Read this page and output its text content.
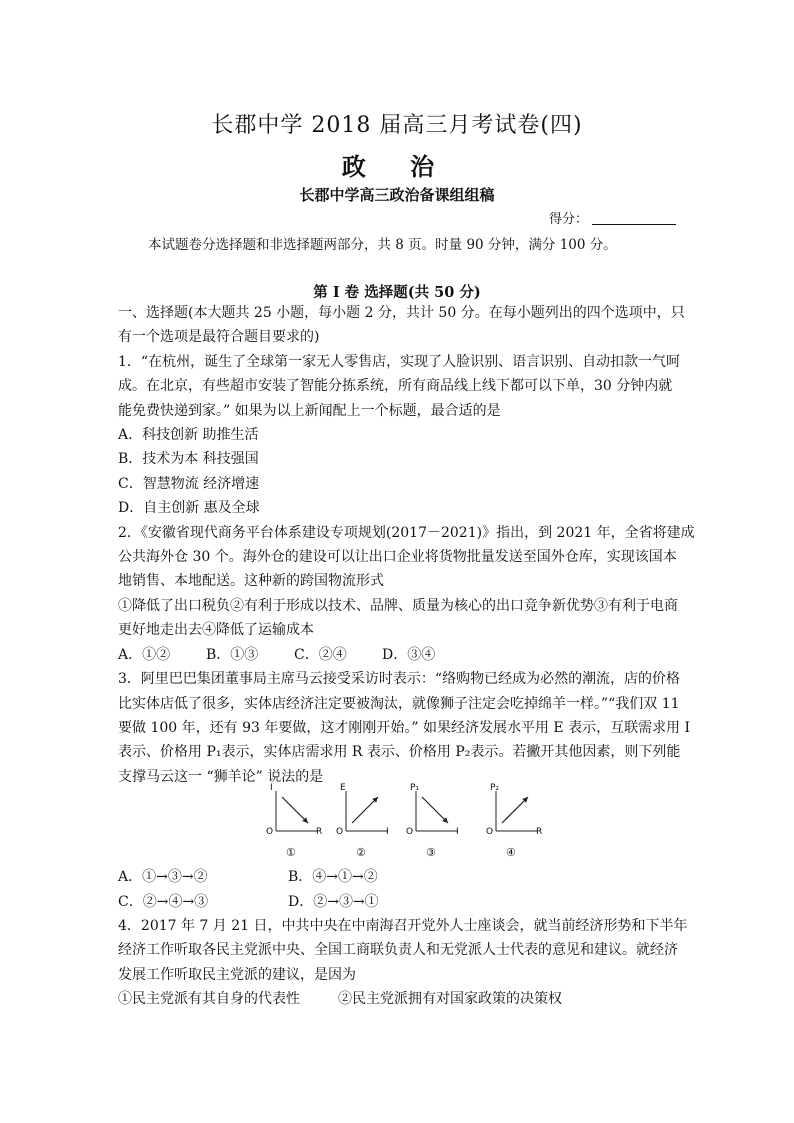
长郡中学 2018 届高三月考试卷(四)
政 治
长郡中学高三政治备课组组稿
得分：
本试题卷分选择题和非选择题两部分，共 8 页。时量 90 分钟，满分 100 分。
第 I 卷 选择题(共 50 分)

一、选择题(本大题共 25 小题，每小题 2 分，共计 50 分。在每小题列出的四个选项中，只

有一个选项是最符合题目要求的)

1．“在杭州，诞生了全球第一家无人零售店，实现了人脸识别、语言识别、自动扣款一气呵

成。在北京，有些超市安装了智能分拣系统，所有商品线上线下都可以下单，30 分钟内就

能免费快递到家。” 如果为以上新闻配上一个标题，最合适的是

A．科技创新 助推生活

B．技术为本 科技强国

C．智慧物流 经济增速

D．自主创新 惠及全球

2．《安徽省现代商务平台体系建设专项规划(2017－2021)》指出，到 2021 年，全省将建成

公共海外仓 30 个。海外仓的建设可以让出口企业将货物批量发送至国外仓库，实现该国本

地销售、本地配送。这种新的跨国物流形式

①降低了出口税负②有利于形成以技术、品牌、质量为核心的出口竞争新优势③有利于电商

更好地走出去④降低了运输成本

A．①②	B．①③	C．②④	D．③④

3．阿里巴巴集团董事局主席马云接受采访时表示：“络购物已经成为必然的潮流，店的价格

比实体店低了很多，实体店经济注定要被淘汰，就像狮子注定会吃掉绵羊一样。”“我们双 11

要做 100 年，还有 93 年要做，这才刚刚开始。” 如果经济发展水平用 E 表示，互联需求用 I

表示、价格用 P₁表示，实体店需求用 R 表示、价格用 P₂表示。若撇开其他因素，则下列能

支撑马云这一 “狮羊论” 说法的是

I
R
O
①
E
I
O
②
P₁
I
O
③
P₂
R
O
④
A．①→③→②	B．④→①→②
C．②→④→③	D．②→③→①

4．2017 年 7 月 21 日，中共中央在中南海召开党外人士座谈会，就当前经济形势和下半年

经济工作听取各民主党派中央、全国工商联负责人和无党派人士代表的意见和建议。就经济

发展工作听取民主党派的建议，是因为

①民主党派有其自身的代表性	②民主党派拥有对国家政策的决策权
